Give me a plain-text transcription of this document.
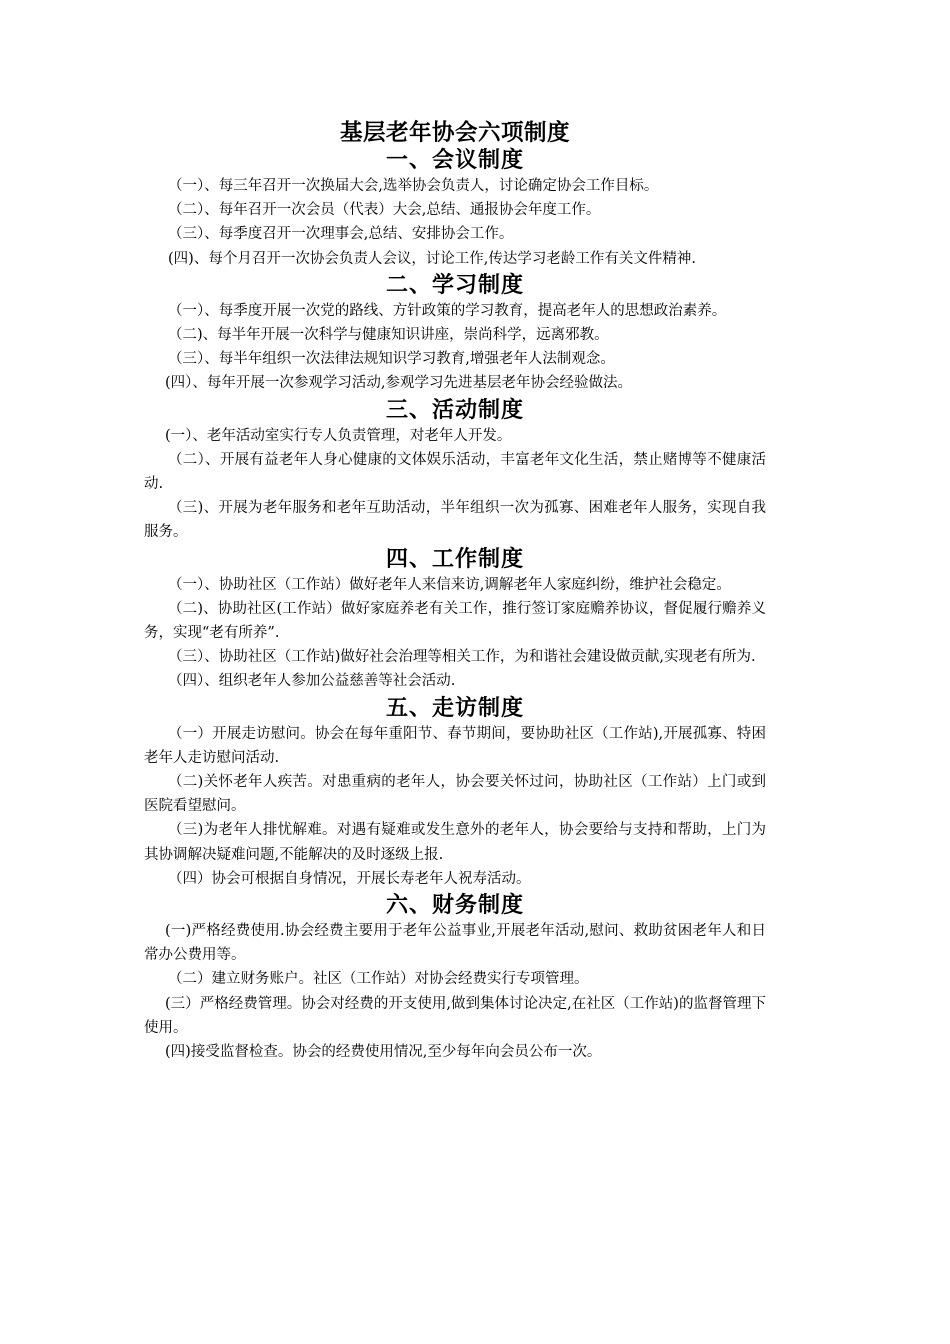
基层老年协会六项制度
一、会议制度

（一）、每三年召开一次换届大会,选举协会负责人，讨论确定协会工作目标。

（二）、每年召开一次会员（代表）大会,总结、通报协会年度工作。

（三）、每季度召开一次理事会,总结、安排协会工作。

(四)、每个月召开一次协会负责人会议，讨论工作,传达学习老龄工作有关文件精神.

二、学习制度

（一）、每季度开展一次党的路线、方针政策的学习教育，提高老年人的思想政治素养。

（二)、每半年开展一次科学与健康知识讲座，崇尚科学，远离邪教。

（三）、每半年组织一次法律法规知识学习教育,增强老年人法制观念。

(四）、每年开展一次参观学习活动,参观学习先进基层老年协会经验做法。

三、活动制度

(一）、老年活动室实行专人负责管理，对老年人开发。

（二）、开展有益老年人身心健康的文体娱乐活动，丰富老年文化生活，禁止赌博等不健康活动.

（三)、开展为老年服务和老年互助活动，半年组织一次为孤寡、困难老年人服务，实现自我服务。

四、工作制度

（一）、协助社区（工作站）做好老年人来信来访,调解老年人家庭纠纷，维护社会稳定。

（二)、协助社区(工作站）做好家庭养老有关工作，推行签订家庭赡养协议，督促履行赡养义务，实现“老有所养”.

（三）、协助社区（工作站)做好社会治理等相关工作，为和谐社会建设做贡献,实现老有所为.

（四）、组织老年人参加公益慈善等社会活动.

五、走访制度

（一）开展走访慰问。协会在每年重阳节、春节期间，要协助社区（工作站),开展孤寡、特困老年人走访慰问活动.

（二)关怀老年人疾苦。对患重病的老年人，协会要关怀过问，协助社区（工作站）上门或到医院看望慰问。

（三)为老年人排忧解难。对遇有疑难或发生意外的老年人，协会要给与支持和帮助，上门为其协调解决疑难问题,不能解决的及时逐级上报.

（四）协会可根据自身情况，开展长寿老年人祝寿活动。

六、财务制度

(一)严格经费使用.协会经费主要用于老年公益事业,开展老年活动,慰问、救助贫困老年人和日常办公费用等。

（二）建立财务账户。社区（工作站）对协会经费实行专项管理。

(三）严格经费管理。协会对经费的开支使用,做到集体讨论决定,在社区（工作站)的监督管理下使用。

(四)接受监督检查。协会的经费使用情况,至少每年向会员公布一次。
